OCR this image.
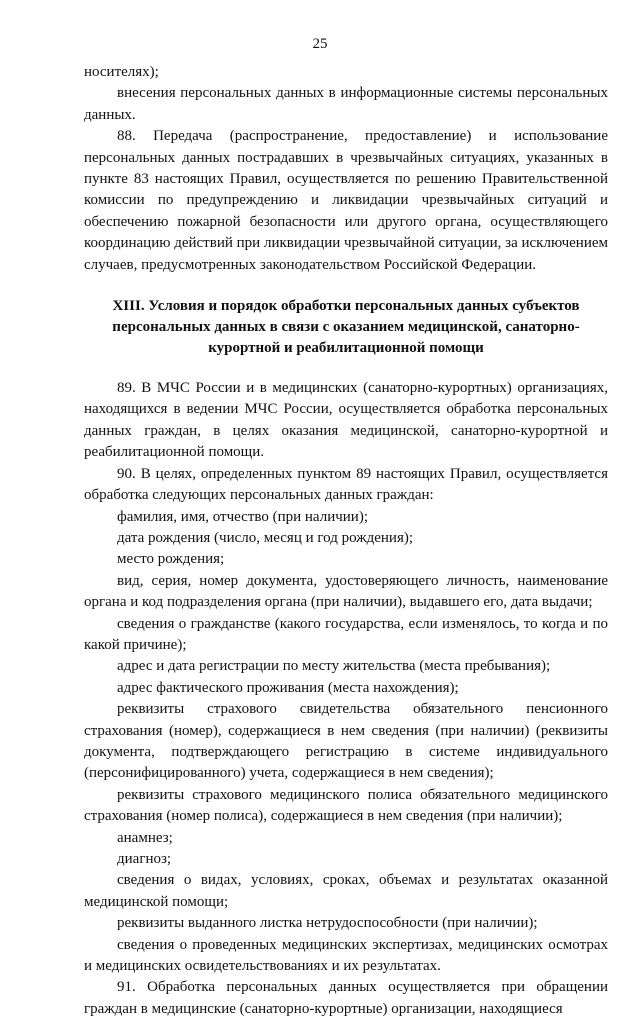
25

носителях);

внесения персональных данных в информационные системы персональных данных.

88. Передача (распространение, предоставление) и использование персональных данных пострадавших в чрезвычайных ситуациях, указанных в пункте 83 настоящих Правил, осуществляется по решению Правительственной комиссии по предупреждению и ликвидации чрезвычайных ситуаций и обеспечению пожарной безопасности или другого органа, осуществляющего координацию действий при ликвидации чрезвычайной ситуации, за исключением случаев, предусмотренных законодательством Российской Федерации.

XIII. Условия и порядок обработки персональных данных субъектов персональных данных в связи с оказанием медицинской, санаторно-курортной и реабилитационной помощи

89. В МЧС России и в медицинских (санаторно-курортных) организациях, находящихся в ведении МЧС России, осуществляется обработка персональных данных граждан, в целях оказания медицинской, санаторно-курортной и реабилитационной помощи.

90. В целях, определенных пунктом 89 настоящих Правил, осуществляется обработка следующих персональных данных граждан:

фамилия, имя, отчество (при наличии);

дата рождения (число, месяц и год рождения);

место рождения;

вид, серия, номер документа, удостоверяющего личность, наименование органа и код подразделения органа (при наличии), выдавшего его, дата выдачи;

сведения о гражданстве (какого государства, если изменялось, то когда и по какой причине);

адрес и дата регистрации по месту жительства (места пребывания);

адрес фактического проживания (места нахождения);

реквизиты страхового свидетельства обязательного пенсионного страхования (номер), содержащиеся в нем сведения (при наличии) (реквизиты документа, подтверждающего регистрацию в системе индивидуального (персонифицированного) учета, содержащиеся в нем сведения);

реквизиты страхового медицинского полиса обязательного медицинского страхования (номер полиса), содержащиеся в нем сведения (при наличии);

анамнез;

диагноз;

сведения о видах, условиях, сроках, объемах и результатах оказанной медицинской помощи;

реквизиты выданного листка нетрудоспособности (при наличии);

сведения о проведенных медицинских экспертизах, медицинских осмотрах и медицинских освидетельствованиях и их результатах.

91. Обработка персональных данных осуществляется при обращении граждан в медицинские (санаторно-курортные) организации, находящиеся
